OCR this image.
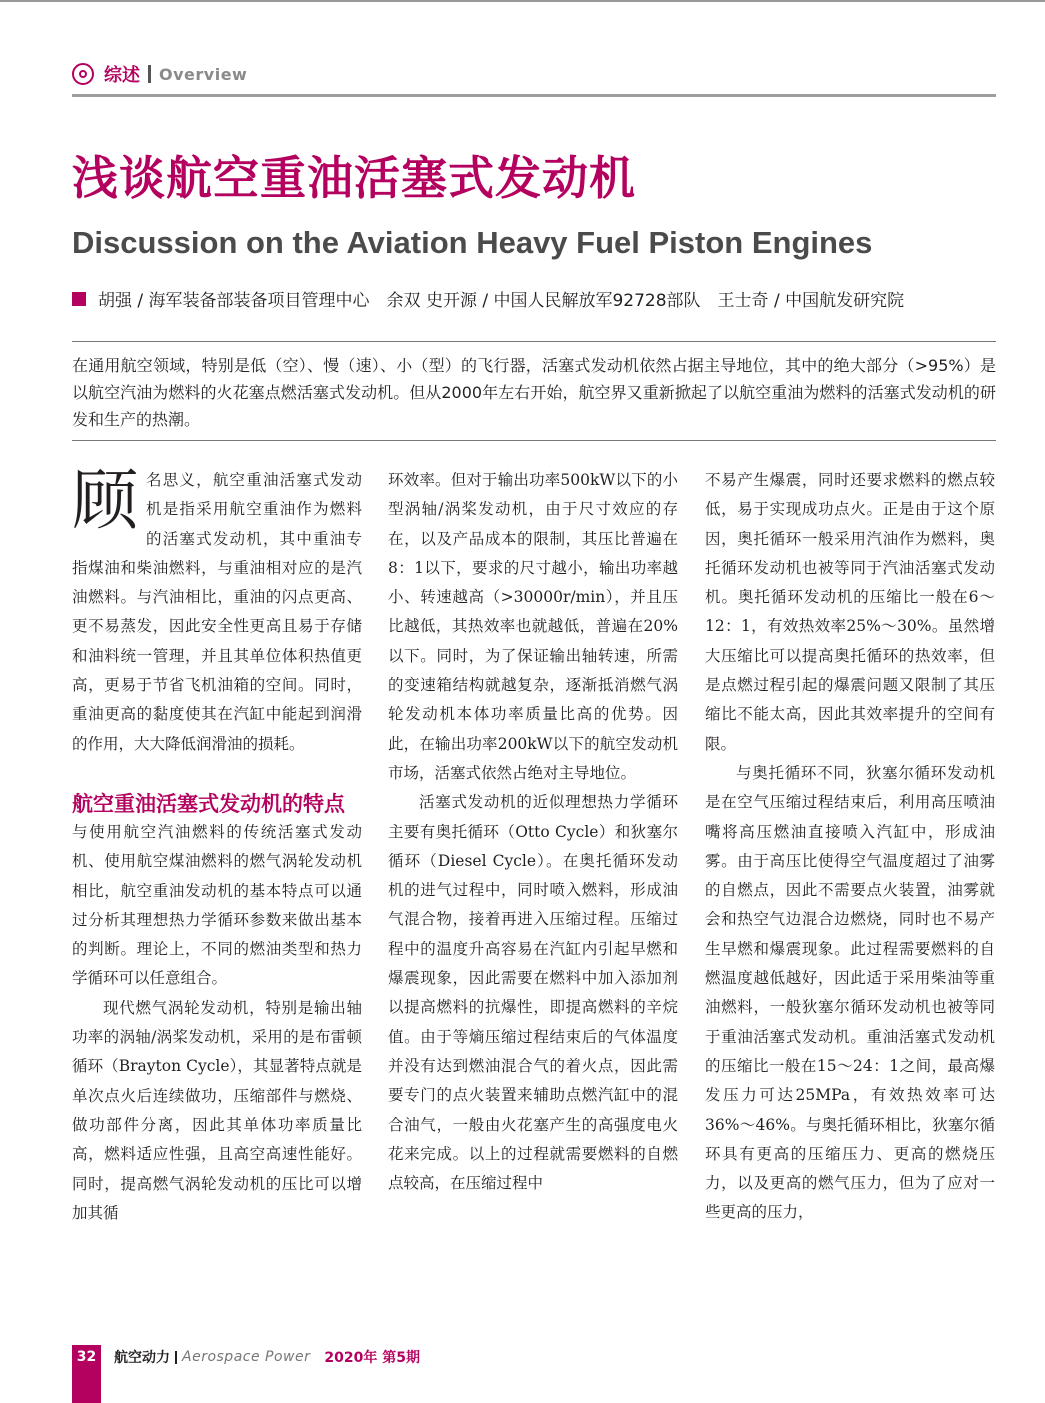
综述 Overview
浅谈航空重油活塞式发动机
Discussion on the Aviation Heavy Fuel Piston Engines
胡强 / 海军装备部装备项目管理中心　余双 史开源 / 中国人民解放军92728部队　王士奇 / 中国航发研究院
在通用航空领域，特别是低（空）、慢（速）、小（型）的飞行器，活塞式发动机依然占据主导地位，其中的绝大部分（>95%）是以航空汽油为燃料的火花塞点燃活塞式发动机。但从2000年左右开始，航空界又重新掀起了以航空重油为燃料的活塞式发动机的研发和生产的热潮。

顾名思义，航空重油活塞式发动机是指采用航空重油作为燃料的活塞式发动机，其中重油专指煤油和柴油燃料，与重油相对应的是汽油燃料。与汽油相比，重油的闪点更高、更不易蒸发，因此安全性更高且易于存储和油料统一管理，并且其单位体积热值更高，更易于节省飞机油箱的空间。同时，重油更高的黏度使其在汽缸中能起到润滑的作用，大大降低润滑油的损耗。

航空重油活塞式发动机的特点

与使用航空汽油燃料的传统活塞式发动机、使用航空煤油燃料的燃气涡轮发动机相比，航空重油发动机的基本特点可以通过分析其理想热力学循环参数来做出基本的判断。理论上，不同的燃油类型和热力学循环可以任意组合。

现代燃气涡轮发动机，特别是输出轴功率的涡轴/涡桨发动机，采用的是布雷顿循环（Brayton Cycle），其显著特点就是单次点火后连续做功，压缩部件与燃烧、做功部件分离，因此其单体功率质量比高，燃料适应性强，且高空高速性能好。同时，提高燃气涡轮发动机的压比可以增加其循

环效率。但对于输出功率500kW以下的小型涡轴/涡桨发动机，由于尺寸效应的存在，以及产品成本的限制，其压比普遍在8：1以下，要求的尺寸越小，输出功率越小、转速越高（>30000r/min），并且压比越低，其热效率也就越低，普遍在20%以下。同时，为了保证输出轴转速，所需的变速箱结构就越复杂，逐渐抵消燃气涡轮发动机本体功率质量比高的优势。因此，在输出功率200kW以下的航空发动机市场，活塞式依然占绝对主导地位。

活塞式发动机的近似理想热力学循环主要有奥托循环（Otto Cycle）和狄塞尔循环（Diesel Cycle）。在奥托循环发动机的进气过程中，同时喷入燃料，形成油气混合物，接着再进入压缩过程。压缩过程中的温度升高容易在汽缸内引起早燃和爆震现象，因此需要在燃料中加入添加剂以提高燃料的抗爆性，即提高燃料的辛烷值。由于等熵压缩过程结束后的气体温度并没有达到燃油混合气的着火点，因此需要专门的点火装置来辅助点燃汽缸中的混合油气，一般由火花塞产生的高强度电火花来完成。以上的过程就需要燃料的自燃点较高，在压缩过程中

不易产生爆震，同时还要求燃料的燃点较低，易于实现成功点火。正是由于这个原因，奥托循环一般采用汽油作为燃料，奥托循环发动机也被等同于汽油活塞式发动机。奥托循环发动机的压缩比一般在6～12：1，有效热效率25%～30%。虽然增大压缩比可以提高奥托循环的热效率，但是点燃过程引起的爆震问题又限制了其压缩比不能太高，因此其效率提升的空间有限。

与奥托循环不同，狄塞尔循环发动机是在空气压缩过程结束后，利用高压喷油嘴将高压燃油直接喷入汽缸中，形成油雾。由于高压比使得空气温度超过了油雾的自燃点，因此不需要点火装置，油雾就会和热空气边混合边燃烧，同时也不易产生早燃和爆震现象。此过程需要燃料的自燃温度越低越好，因此适于采用柴油等重油燃料，一般狄塞尔循环发动机也被等同于重油活塞式发动机。重油活塞式发动机的压缩比一般在15～24：1之间，最高爆发压力可达25MPa，有效热效率可达36%～46%。与奥托循环相比，狄塞尔循环具有更高的压缩压力、更高的燃烧压力，以及更高的燃气压力，但为了应对一些更高的压力，

32	航空动力 Aerospace Power 2020年 第5期
